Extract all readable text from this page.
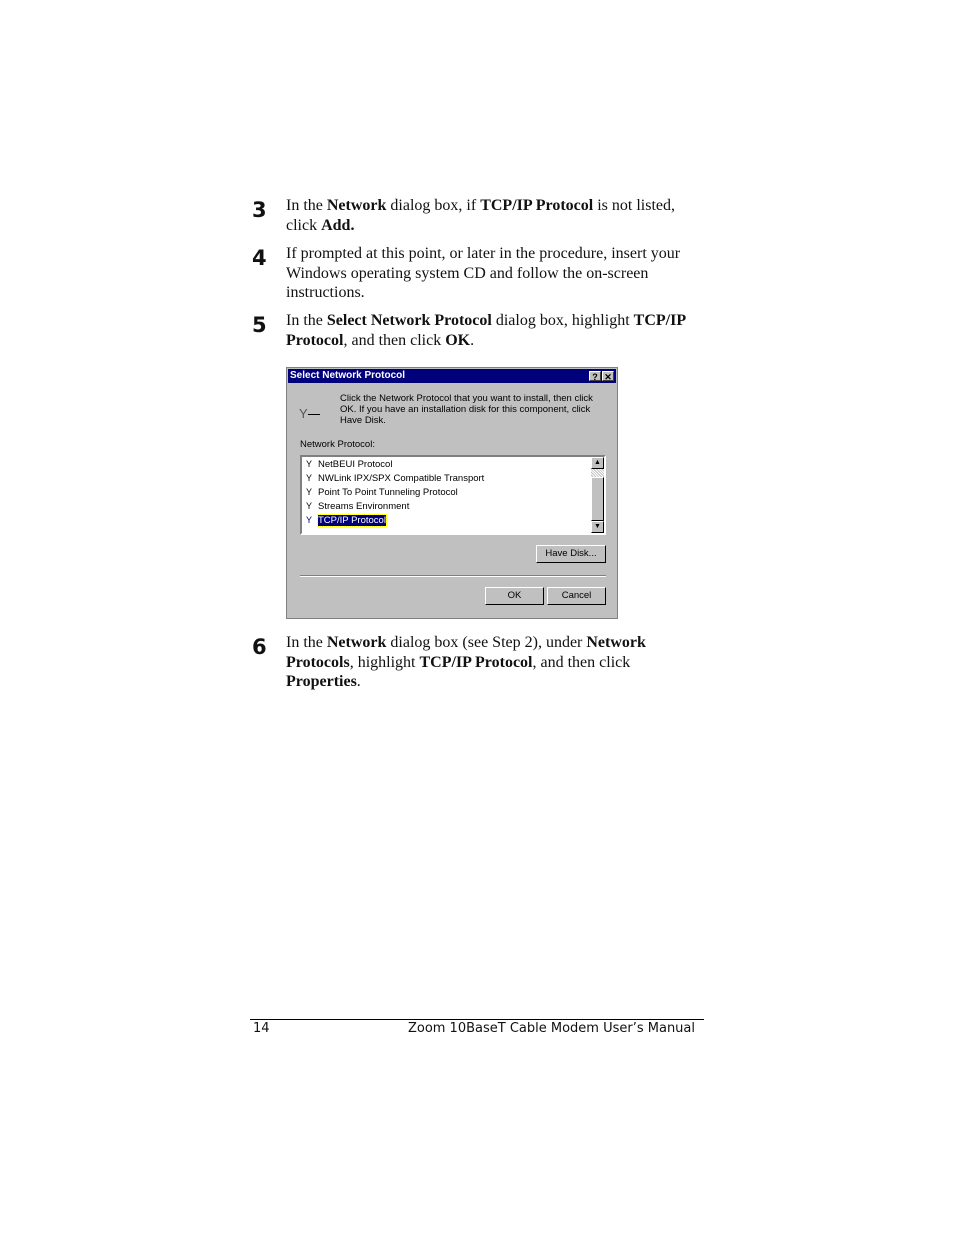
3 In the Network dialog box, if TCP/IP Protocol is not listed, click Add.
4 If prompted at this point, or later in the procedure, insert your Windows operating system CD and follow the on-screen instructions.
5 In the Select Network Protocol dialog box, highlight TCP/IP Protocol, and then click OK.
Select Network Protocol	? ✕
Y
Click the Network Protocol that you want to install, then click OK. If you have an installation disk for this component, click Have Disk.
Network Protocol:
Y NetBEUI Protocol
Y NWLink IPX/SPX Compatible Transport
Y Point To Point Tunneling Protocol
Y Streams Environment
Y TCP/IP Protocol
▲
▼
Have Disk...
OK	Cancel
6 In the Network dialog box (see Step 2), under Network Protocols, highlight TCP/IP Protocol, and then click Properties.
14	Zoom 10BaseT Cable Modem User’s Manual
